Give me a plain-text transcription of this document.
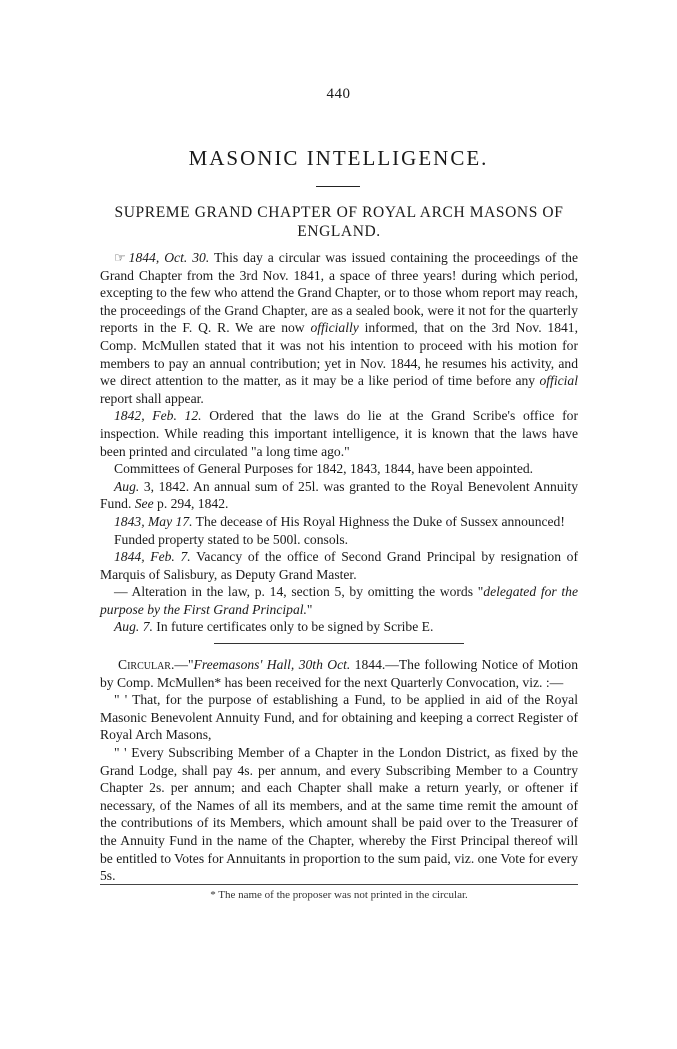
440
MASONIC INTELLIGENCE.
SUPREME GRAND CHAPTER OF ROYAL ARCH MASONS OF ENGLAND.

☞ 1844, Oct. 30. This day a circular was issued containing the proceedings of the Grand Chapter from the 3rd Nov. 1841, a space of three years! during which period, excepting to the few who attend the Grand Chapter, or to those whom report may reach, the proceedings of the Grand Chapter, are as a sealed book, were it not for the quarterly reports in the F. Q. R. We are now officially informed, that on the 3rd Nov. 1841, Comp. McMullen stated that it was not his intention to proceed with his motion for members to pay an annual contribution; yet in Nov. 1844, he resumes his activity, and we direct attention to the matter, as it may be a like period of time before any official report shall appear.

1842, Feb. 12. Ordered that the laws do lie at the Grand Scribe's office for inspection. While reading this important intelligence, it is known that the laws have been printed and circulated "a long time ago."

Committees of General Purposes for 1842, 1843, 1844, have been appointed.

Aug. 3, 1842. An annual sum of 25l. was granted to the Royal Benevolent Annuity Fund. See p. 294, 1842.

1843, May 17. The decease of His Royal Highness the Duke of Sussex announced!

Funded property stated to be 500l. consols.

1844, Feb. 7. Vacancy of the office of Second Grand Principal by resignation of Marquis of Salisbury, as Deputy Grand Master.

— Alteration in the law, p. 14, section 5, by omitting the words "delegated for the purpose by the First Grand Principal."

Aug. 7. In future certificates only to be signed by Scribe E.

Circular.—"Freemasons' Hall, 30th Oct. 1844.—The following Notice of Motion by Comp. McMullen* has been received for the next Quarterly Convocation, viz. :—

" ' That, for the purpose of establishing a Fund, to be applied in aid of the Royal Masonic Benevolent Annuity Fund, and for obtaining and keeping a correct Register of Royal Arch Masons,

" ' Every Subscribing Member of a Chapter in the London District, as fixed by the Grand Lodge, shall pay 4s. per annum, and every Subscribing Member to a Country Chapter 2s. per annum; and each Chapter shall make a return yearly, or oftener if necessary, of the Names of all its members, and at the same time remit the amount of the contributions of its Members, which amount shall be paid over to the Treasurer of the Annuity Fund in the name of the Chapter, whereby the First Principal thereof will be entitled to Votes for Annuitants in proportion to the sum paid, viz. one Vote for every 5s.

* The name of the proposer was not printed in the circular.
